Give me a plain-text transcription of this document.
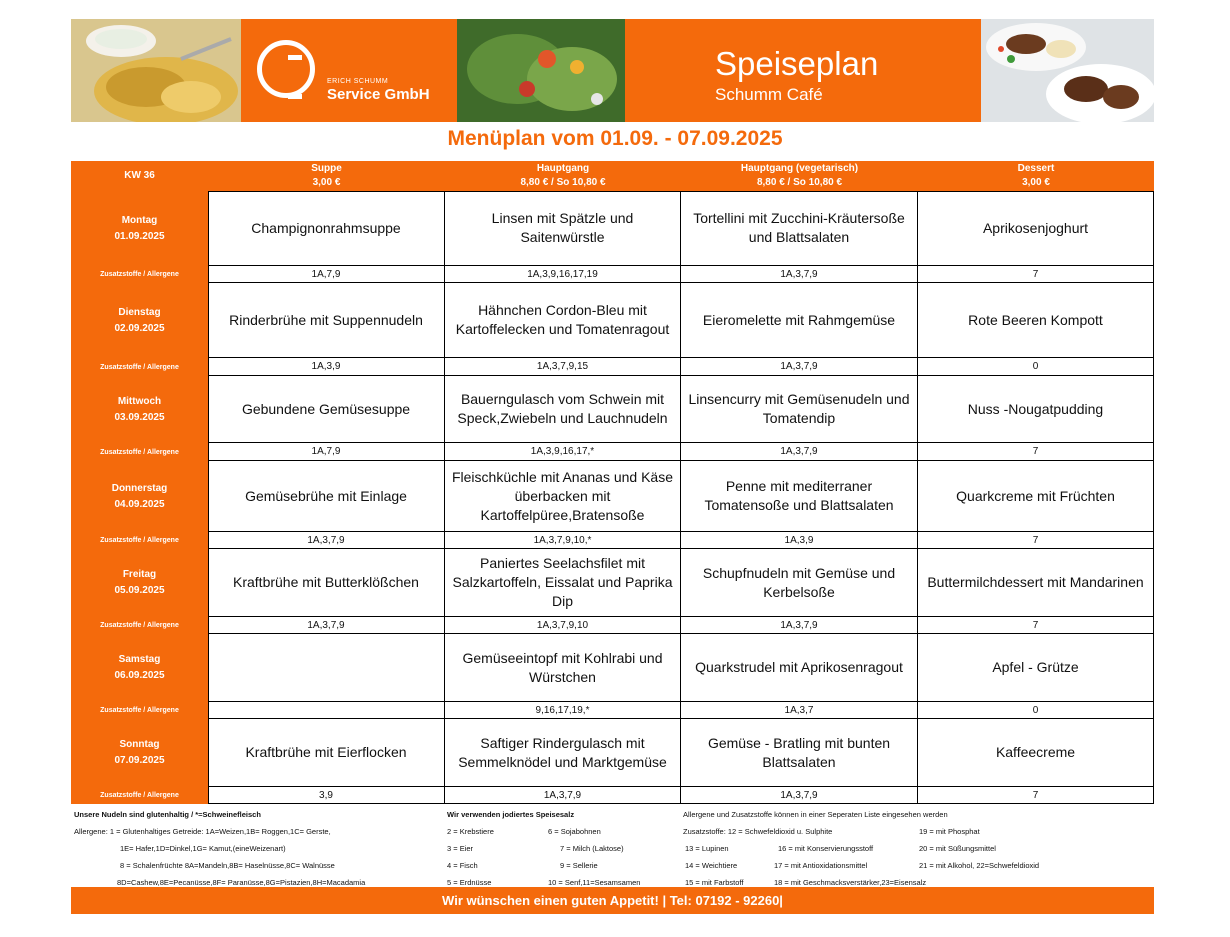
ERICH SCHUMM
Service GmbH
Speiseplan
Schumm Café
Menüplan vom 01.09. - 07.09.2025
KW 36
Suppe
3,00 €
Hauptgang
8,80 € / So 10,80 €
Hauptgang (vegetarisch)
8,80 € / So 10,80 €
Dessert
3,00 €
Montag
01.09.2025
Zusatzstoffe / Allergene
Champignonrahmsuppe
1A,7,9
Linsen mit Spätzle und Saitenwürstle
1A,3,9,16,17,19
Tortellini mit Zucchini-Kräutersoße und Blattsalaten
1A,3,7,9
Aprikosenjoghurt
7
Dienstag
02.09.2025
Zusatzstoffe / Allergene
Rinderbrühe mit Suppennudeln
1A,3,9
Hähnchen Cordon-Bleu mit Kartoffelecken und Tomatenragout
1A,3,7,9,15
Eieromelette mit Rahmgemüse
1A,3,7,9
Rote Beeren Kompott
0
Mittwoch
03.09.2025
Zusatzstoffe / Allergene
Gebundene Gemüsesuppe
1A,7,9
Bauerngulasch vom Schwein mit Speck,Zwiebeln und Lauchnudeln
1A,3,9,16,17,*
Linsencurry mit Gemüsenudeln und Tomatendip
1A,3,7,9
Nuss -Nougatpudding
7
Donnerstag
04.09.2025
Zusatzstoffe / Allergene
Gemüsebrühe mit Einlage
1A,3,7,9
Fleischküchle mit Ananas und Käse überbacken mit Kartoffelpüree,Bratensoße
1A,3,7,9,10,*
Penne mit mediterraner Tomatensoße und Blattsalaten
1A,3,9
Quarkcreme mit Früchten
7
Freitag
05.09.2025
Zusatzstoffe / Allergene
Kraftbrühe mit Butterklößchen
1A,3,7,9
Paniertes Seelachsfilet mit Salzkartoffeln, Eissalat und Paprika Dip
1A,3,7,9,10
Schupfnudeln mit Gemüse und Kerbelsoße
1A,3,7,9
Buttermilchdessert mit Mandarinen
7
Samstag
06.09.2025
Zusatzstoffe / Allergene
Gemüseeintopf mit Kohlrabi und Würstchen
9,16,17,19,*
Quarkstrudel mit Aprikosenragout
1A,3,7
Apfel - Grütze
0
Sonntag
07.09.2025
Zusatzstoffe / Allergene
Kraftbrühe mit Eierflocken
3,9
Saftiger Rindergulasch mit Semmelknödel und Marktgemüse
1A,3,7,9
Gemüse - Bratling mit bunten Blattsalaten
1A,3,7,9
Kaffeecreme
7
Unsere Nudeln sind glutenhaltig / *=Schweinefleisch	Wir verwenden jodiertes Speisesalz	Allergene und Zusatzstoffe können in einer Seperaten Liste eingesehen werden
Allergene: 1 = Glutenhaltiges Getreide: 1A=Weizen,1B= Roggen,1C= Gerste,
1E= Hafer,1D=Dinkel,1G= Kamut,(eineWeizenart)
8 = Schalenfrüchte 8A=Mandeln,8B= Haselnüsse,8C= Walnüsse
8D=Cashew,8E=Pecanüsse,8F= Paranüsse,8G=Pistazien,8H=Macadamia
2 = Krebstiere
3 = Eier
4 = Fisch
5 = Erdnüsse
6 = Sojabohnen
7 = Milch (Laktose)
9 = Sellerie
10 = Senf,11=Sesamsamen
Zusatzstoffe: 12 = Schwefeldioxid u. Sulphite
13 = Lupinen
14 = Weichtiere
15 = mit Farbstoff
16 = mit Konservierungsstoff
17 = mit Antioxidationsmittel
18 = mit Geschmacksverstärker,23=Eisensalz
19 = mit Phosphat
20 = mit Süßungsmittel
21 = mit Alkohol, 22=Schwefeldioxid
Wir wünschen einen guten Appetit! | Tel: 07192 - 92260|
